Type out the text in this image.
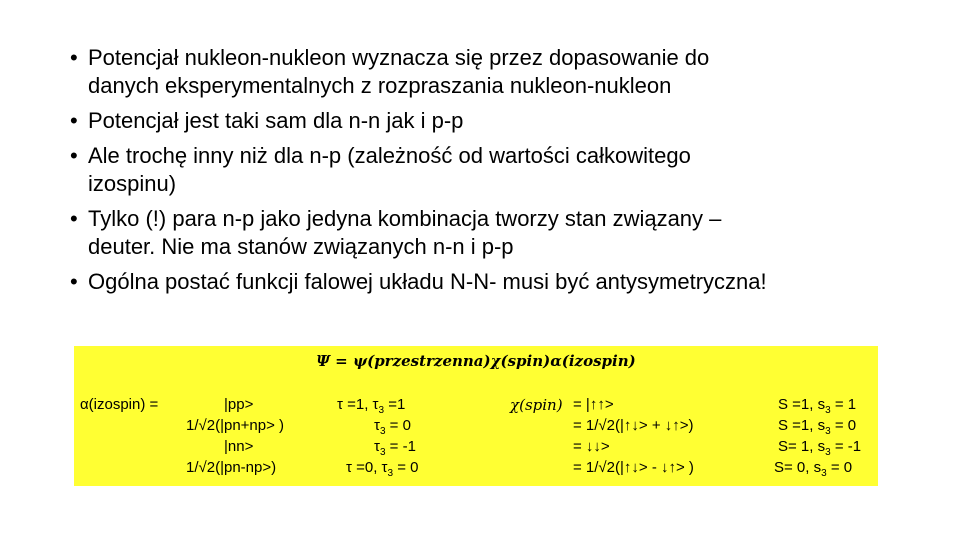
• Potencjał nukleon-nukleon wyznacza się przez dopasowanie do
danych eksperymentalnych z rozpraszania nukleon-nukleon
• Potencjał jest taki sam dla n-n jak i p-p
• Ale trochę inny niż dla n-p (zależność od wartości całkowitego
izospinu)
• Tylko (!) para n-p jako jedyna kombinacja tworzy stan związany –
deuter. Nie ma stanów związanych n-n i p-p
• Ogólna postać funkcji falowej układu N-N- musi być antysymetryczna!
Ψ = ψ(przestrzenna)χ(spin)α(izospin)
α(izospin) =	|pp>
1/√2(|pn+np> )
|nn>
1/√2(|pn-np>)
τ =1, $\tau_3 =1$
$\tau_3 = 0$
$\tau_3 = -1$
τ =0, $\tau_3 = 0$
χ(spin) = |↑↑>
= 1/√2(|↑↓> + ↓↑>)
= ↓↓>
= 1/√2(|↑↓> - ↓↑> )
S =1, $s_3 = 1$
S =1, $s_3 = 0$
S= 1, $s_3 = -1$
S= 0, $s_3 = 0$
